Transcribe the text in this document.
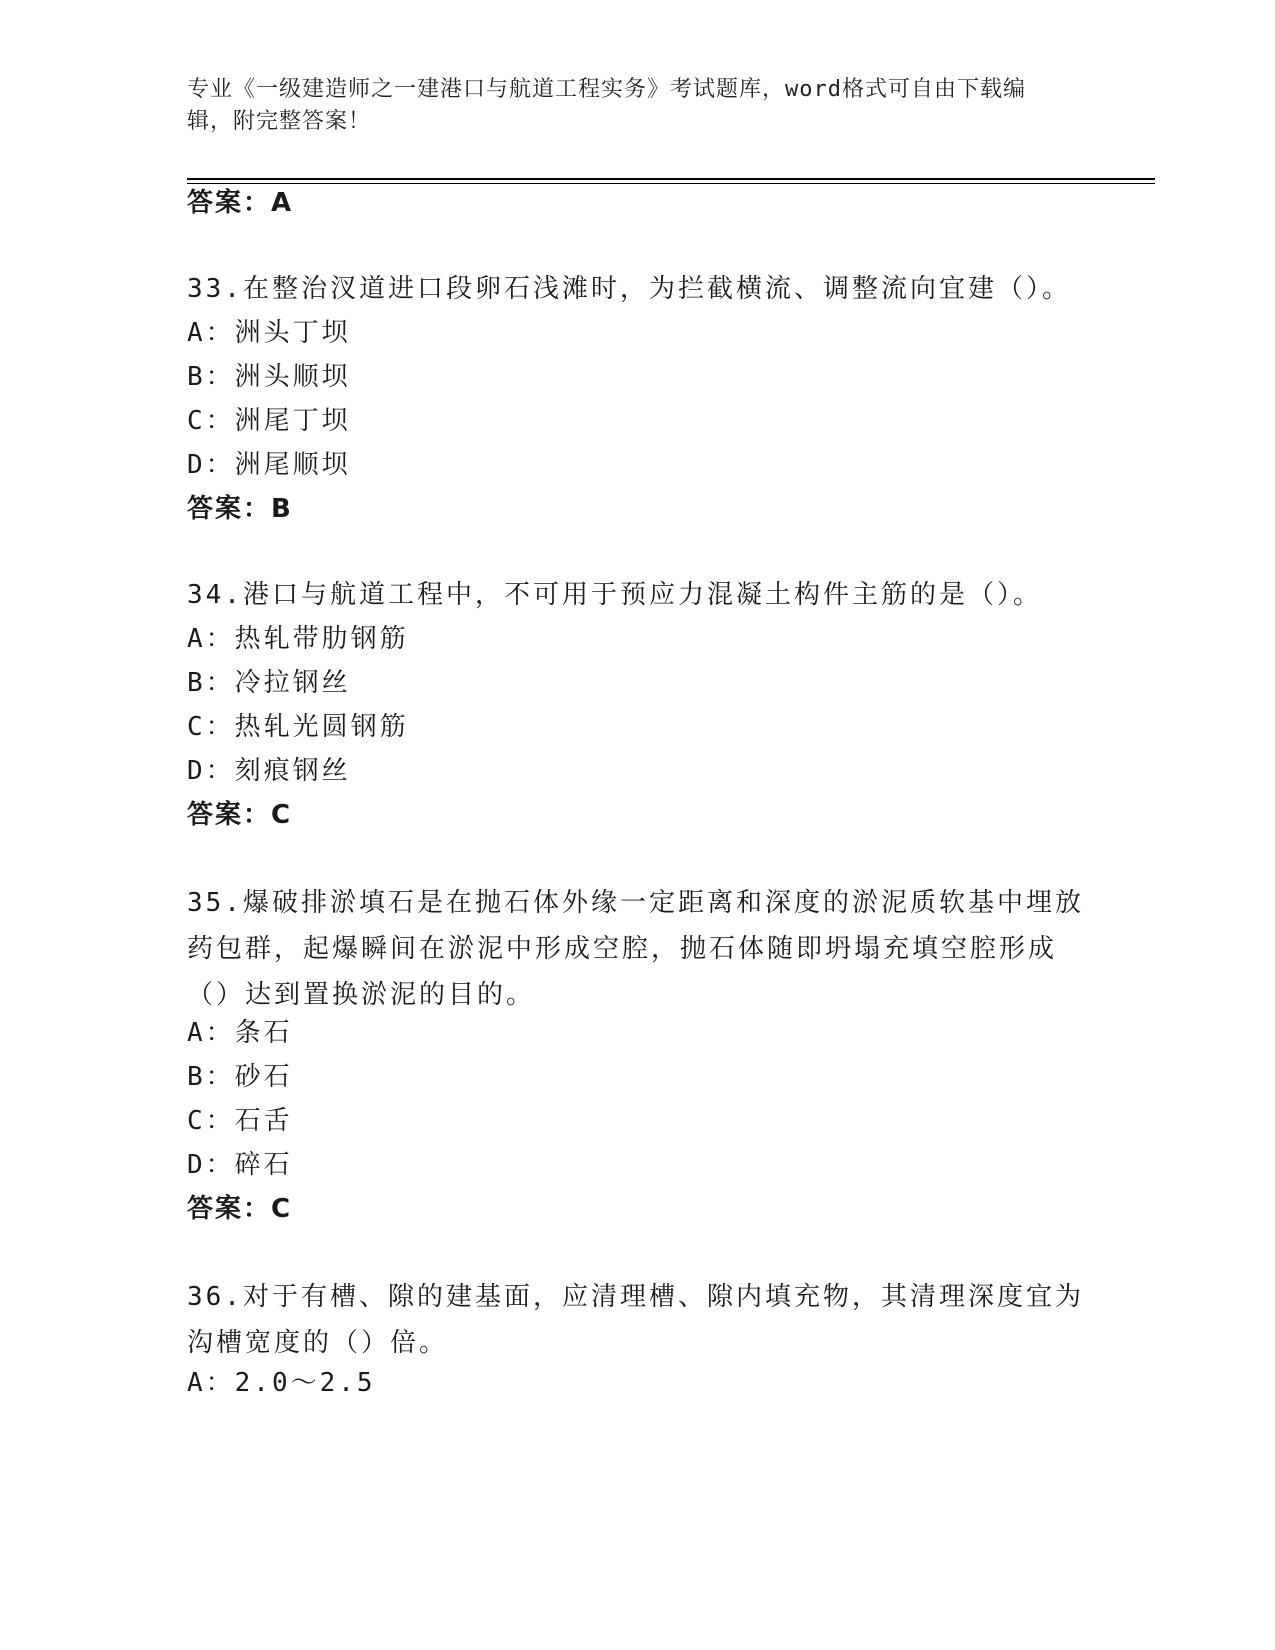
专业《一级建造师之一建港口与航道工程实务》考试题库，word格式可自由下载编辑，附完整答案！
答案：A
33.在整治汊道进口段卵石浅滩时，为拦截横流、调整流向宜建（）。
A：洲头丁坝
B：洲头顺坝
C：洲尾丁坝
D：洲尾顺坝
答案：B
34.港口与航道工程中，不可用于预应力混凝土构件主筋的是（）。
A：热轧带肋钢筋
B：冷拉钢丝
C：热轧光圆钢筋
D：刻痕钢丝
答案：C
35.爆破排淤填石是在抛石体外缘一定距离和深度的淤泥质软基中埋放药包群，起爆瞬间在淤泥中形成空腔，抛石体随即坍塌充填空腔形成（）达到置换淤泥的目的。
A：条石
B：砂石
C：石舌
D：碎石
答案：C
36.对于有槽、隙的建基面，应清理槽、隙内填充物，其清理深度宜为沟槽宽度的（）倍。
A：2.0～2.5
